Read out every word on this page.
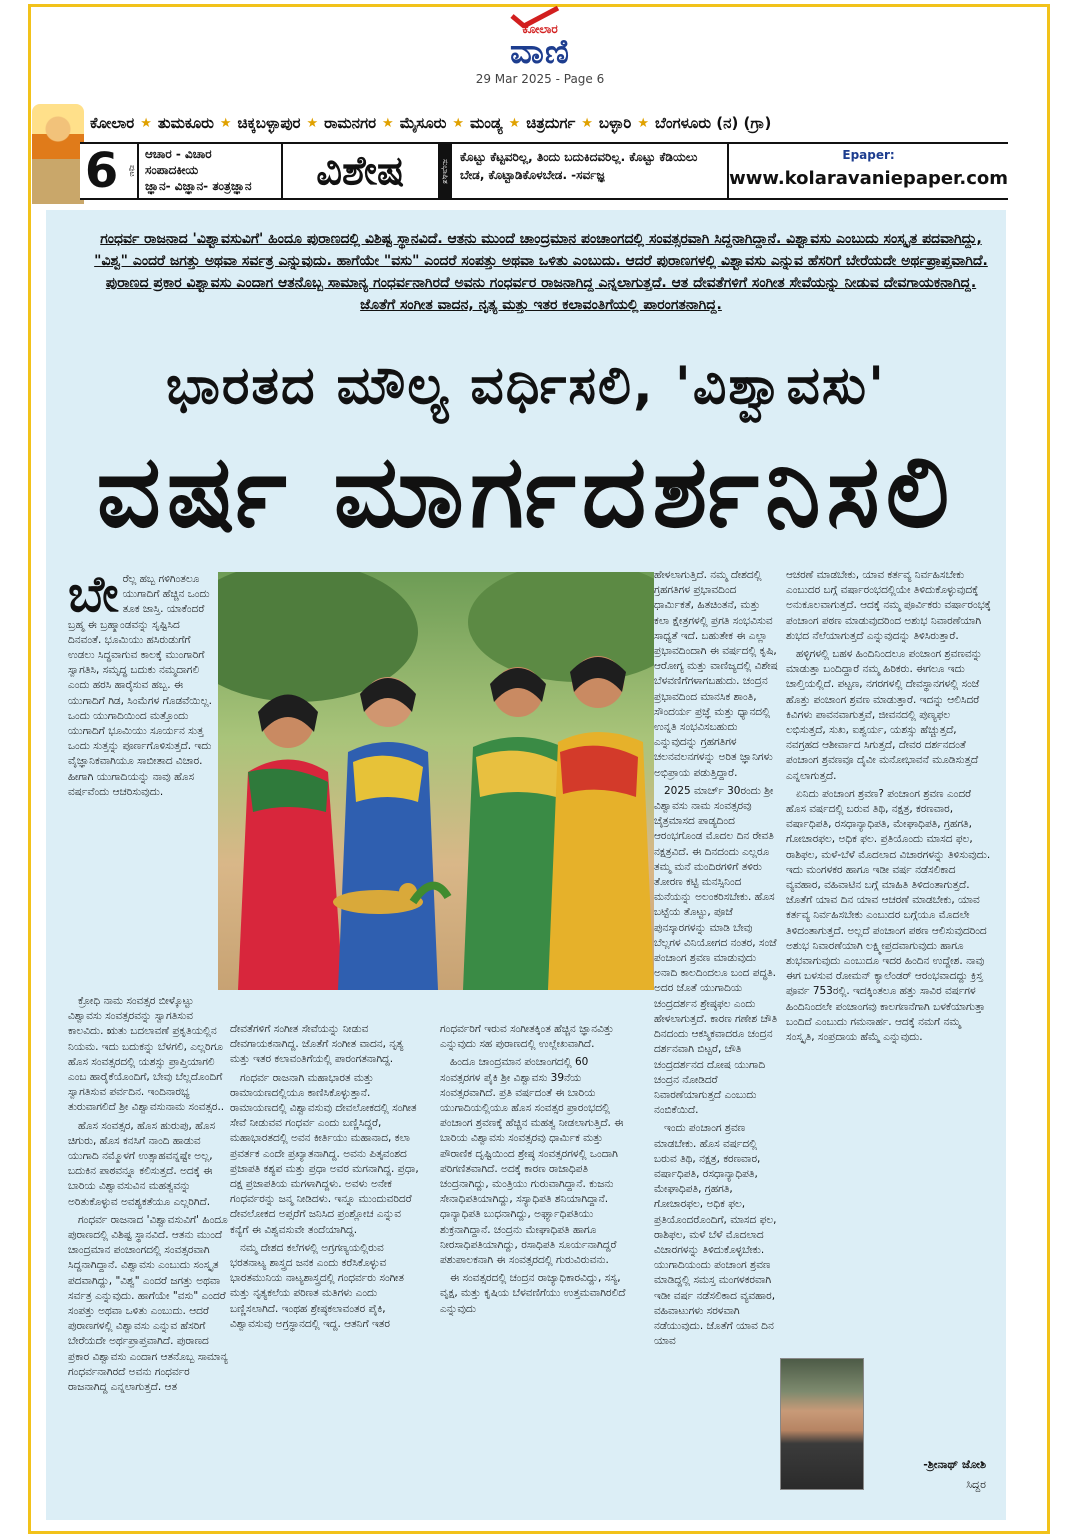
ಕೋಲಾರ
ವಾಣಿ
29 Mar 2025 - Page 6
ಕೋಲಾರ ★ ತುಮಕೂರು ★ ಚಿಕ್ಕಬಳ್ಳಾಪುರ ★ ರಾಮನಗರ ★ ಮೈಸೂರು ★ ಮಂಡ್ಯ ★ ಚಿತ್ರದುರ್ಗ ★ ಬಳ್ಳಾರಿ ★ ಬೆಂಗಳೂರು (ನ) (ಗ್ರಾ)
6	ಪುಟ
ಆಚಾರ - ವಿಚಾರ
ಸಂಪಾದಕೀಯ
ಜ್ಞಾನ- ವಿಜ್ಞಾನ- ತಂತ್ರಜ್ಞಾನ	ವಿಶೇಷ	ಸುಭಾಷಿತ
ಕೊಟ್ಟು ಕೆಟ್ಟವರಿಲ್ಲ, ತಿಂದು ಬದುಕಿದವರಿಲ್ಲ. ಕೊಟ್ಟು ಕೆಡಿಯಲು ಬೇಡ, ಕೊಟ್ಟಾಡಿಕೊಳಬೇಡ. -ಸರ್ವಜ್ಞ
Epaper:
www.kolaravaniepaper.com
ಗಂಧರ್ವ ರಾಜನಾದ 'ವಿಶ್ವಾವಸುವಿಗೆ' ಹಿಂದೂ ಪುರಾಣದಲ್ಲಿ ವಿಶಿಷ್ಟ ಸ್ಥಾನವಿದೆ. ಆತನು ಮುಂದೆ ಚಾಂದ್ರಮಾನ ಪಂಚಾಂಗದಲ್ಲಿ ಸಂವತ್ಸರವಾಗಿ ಸಿದ್ದನಾಗಿದ್ದಾನೆ. ವಿಶ್ವಾವಸು ಎಂಬುದು ಸಂಸ್ಕೃತ ಪದವಾಗಿದ್ದು, "ವಿಶ್ವ" ಎಂದರೆ ಜಗತ್ತು ಅಥವಾ ಸರ್ವತ್ರ ಎನ್ನುವುದು. ಹಾಗೆಯೇ "ವಸು" ಎಂದರೆ ಸಂಪತ್ತು ಅಥವಾ ಒಳಿತು ಎಂಬುದು. ಆದರೆ ಪುರಾಣಗಳಲ್ಲಿ ವಿಶ್ವಾವಸು ಎನ್ನುವ ಹೆಸರಿಗೆ ಬೇರೆಯದೇ ಅರ್ಥಪ್ರಾಪ್ತವಾಗಿದೆ. ಪುರಾಣದ ಪ್ರಕಾರ ವಿಶ್ವಾವಸು ಎಂದಾಗ ಆತನೊಬ್ಬ ಸಾಮಾನ್ಯ ಗಂಧರ್ವನಾಗಿರದೆ ಅವನು ಗಂಧರ್ವರ ರಾಜನಾಗಿದ್ದ ಎನ್ನಲಾಗುತ್ತದೆ. ಆತ ದೇವತೆಗಳಿಗೆ ಸಂಗೀತ ಸೇವೆಯನ್ನು ನೀಡುವ ದೇವಗಾಯಕನಾಗಿದ್ದ. ಜೊತೆಗೆ ಸಂಗೀತ ವಾದನ, ನೃತ್ಯ ಮತ್ತು ಇತರ ಕಲಾವಂತಿಗೆಯಲ್ಲಿ ಪಾರಂಗತನಾಗಿದ್ದ.
ಭಾರತದ ಮೌಲ್ಯ ವರ್ಧಿಸಲಿ, 'ವಿಶ್ವಾವಸು'
ವರ್ಷ ಮಾರ್ಗದರ್ಶನಿಸಲಿ
ಬೇ ರೆಲ್ಲ ಹಬ್ಬ ಗಳಿಗಿಂತಲೂ ಯುಗಾದಿಗೆ ಹೆಚ್ಚಿನ ಒಂದು ತೂಕ ಜಾಸ್ತಿ. ಯಾಕೆಂದರೆ ಬ್ರಹ್ಮ ಈ ಬ್ರಹ್ಮಾಂಡವನ್ನು ಸೃಷ್ಟಿಸಿದ ದಿನವಂತೆ. ಭೂಮಿಯು ಹಸಿರುಡುಗೆಗೆ ಉಡಲು ಸಿದ್ಧವಾಗುವ ಕಾಲಕ್ಕೆ ಮುಂಗಾರಿಗೆ ಸ್ವಾಗತಿಸಿ, ಸಮೃದ್ಧ ಬದುಕು ನಮ್ಮದಾಗಲಿ ಎಂದು ಹರಸಿ ಹಾರೈಸುವ ಹಬ್ಬ. ಈ ಯುಗಾದಿಗೆ ಗಿಡ, ಸಿಂಮೆಗಳ ಗೊಡವೆಯಿಲ್ಲ. ಒಂದು ಯುಗಾದಿಯಿಂದ ಮತ್ತೊಂದು ಯುಗಾದಿಗೆ ಭೂಮಿಯು ಸೂರ್ಯನ ಸುತ್ತ ಒಂದು ಸುತ್ತನ್ನು ಪೂರ್ಣಗೊಳಿಸುತ್ತದೆ. ಇದು ವೈಜ್ಞಾನಿಕವಾಗಿಯೂ ಸಾಬೀತಾದ ವಿಚಾರ. ಹೀಗಾಗಿ ಯುಗಾದಿಯನ್ನು ನಾವು ಹೊಸ ವರ್ಷವೆಂದು ಆಚರಿಸುವುದು.

ಕ್ರೋಧಿ ನಾಮ ಸಂವತ್ಸರ ಬೀಳ್ಕೊಟ್ಟು ವಿಶ್ವಾವಸು ಸಂವತ್ಸರವನ್ನು ಸ್ವಾಗತಿಸುವ ಕಾಲವಿದು. ಋತು ಬದಲಾವಣೆ ಪ್ರಕೃತಿಯಲ್ಲಿನ ನಿಯಮ. ಇದು ಬದುಕನ್ನು ಬೆಳಗಲಿ, ಎಲ್ಲರಿಗೂ ಹೊಸ ಸಂವತ್ಸರದಲ್ಲಿ ಯಶಸ್ಸು ಪ್ರಾಪ್ತಿಯಾಗಲಿ ಎಂಬ ಹಾರೈಕೆಯೊಂದಿಗೆ, ಬೇವು ಬೆಲ್ಲದೊಂದಿಗೆ ಸ್ವಾಗತಿಸುವ ಪರ್ವದಿನ. ಇಂದಿನಾರಭ್ಯ ತುರುವಾಗಲಿದೆ ಶ್ರೀ ವಿಶ್ವಾವಸುನಾಮ ಸಂವತ್ಸರ..

ಹೊಸ ಸಂವತ್ಸರ, ಹೊಸ ಹುರುಪು, ಹೊಸ ಚಿಗುರು, ಹೊಸ ಕನಸಿಗೆ ನಾಂದಿ ಹಾಡುವ ಯುಗಾದಿ ನಮ್ಮೊಳಗೆ ಉತ್ಸಾಹವನ್ನಷ್ಟೇ ಅಲ್ಲ, ಬದುಕಿನ ಪಾಠವನ್ನೂ ಕಲಿಸುತ್ತದೆ. ಅದಕ್ಕೆ ಈ ಬಾರಿಯ ವಿಶ್ವಾವಸುವಿನ ಮಹತ್ವವನ್ನು ಅರಿತುಕೊಳ್ಳುವ ಅವಶ್ಯಕತೆಯೂ ಎಲ್ಲರಿಗಿದೆ.

ಗಂಧರ್ವ ರಾಜನಾದ 'ವಿಶ್ವಾವಸುವಿಗೆ' ಹಿಂದೂ ಪುರಾಣದಲ್ಲಿ ವಿಶಿಷ್ಟ ಸ್ಥಾನವಿದೆ. ಆತನು ಮುಂದೆ ಚಾಂದ್ರಮಾನ ಪಂಚಾಂಗದಲ್ಲಿ ಸಂವತ್ಸರವಾಗಿ ಸಿದ್ದನಾಗಿದ್ದಾನೆ. ವಿಶ್ವಾವಸು ಎಂಬುದು ಸಂಸ್ಕೃತ ಪದವಾಗಿದ್ದು, "ವಿಶ್ವ" ಎಂದರೆ ಜಗತ್ತು ಅಥವಾ ಸರ್ವತ್ರ ಎನ್ನುವುದು. ಹಾಗೆಯೇ "ವಸು" ಎಂದರೆ ಸಂಪತ್ತು ಅಥವಾ ಒಳಿತು ಎಂಬುದು. ಆದರೆ ಪುರಾಣಗಳಲ್ಲಿ ವಿಶ್ವಾವಸು ಎನ್ನುವ ಹೆಸರಿಗೆ ಬೇರೆಯದೇ ಅರ್ಥಪ್ರಾಪ್ತವಾಗಿದೆ. ಪುರಾಣದ ಪ್ರಕಾರ ವಿಶ್ವಾವಸು ಎಂದಾಗ ಆತನೊಬ್ಬ ಸಾಮಾನ್ಯ ಗಂಧರ್ವನಾಗಿರದೆ ಅವನು ಗಂಧರ್ವರ ರಾಜನಾಗಿದ್ದ ಎನ್ನಲಾಗುತ್ತದೆ. ಆತ

ದೇವತೆಗಳಿಗೆ ಸಂಗೀತ ಸೇವೆಯನ್ನು ನೀಡುವ ದೇವಗಾಯಕನಾಗಿದ್ದ. ಜೊತೆಗೆ ಸಂಗೀತ ವಾದನ, ನೃತ್ಯ ಮತ್ತು ಇತರ ಕಲಾವಂತಿಗೆಯಲ್ಲಿ ಪಾರಂಗತನಾಗಿದ್ದ.

ಗಂಧರ್ವ ರಾಜನಾಗಿ ಮಹಾಭಾರತ ಮತ್ತು ರಾಮಾಯಣದಲ್ಲಿಯೂ ಕಾಣಿಸಿಕೊಳ್ಳುತ್ತಾನೆ. ರಾಮಾಯಣದಲ್ಲಿ ವಿಶ್ವಾವಸುವು ದೇವಲೋಕದಲ್ಲಿ ಸಂಗೀತ ಸೇವೆ ನೀಡುವವ ಗಂಧರ್ವ ಎಂದು ಬಣ್ಣಿಸಿದ್ದರೆ, ಮಹಾಭಾರತದಲ್ಲಿ ಅವನ ಕೀರ್ತಿಯು ಮಹಾನಾದ, ಕಲಾ ಪ್ರವರ್ತಕ ಎಂದೇ ಪ್ರಖ್ಯಾತನಾಗಿದ್ದ. ಅವನು ಪಿತೃವಂಶದ ಪ್ರಜಾಪತಿ ಕಶ್ಯಪ ಮತ್ತು ಪ್ರಧಾ ಅವರ ಮಗನಾಗಿದ್ದ. ಪ್ರಧಾ, ದಕ್ಷ ಪ್ರಜಾಪತಿಯ ಮಗಳಾಗಿದ್ದಳು. ಅವಳು ಅನೇಕ ಗಂಧರ್ವರನ್ನು ಜನ್ಮ ನೀಡಿದಳು. ಇನ್ನೂ ಮುಂದುವರಿದರೆ ದೇವಲೋಕದ ಅಪ್ಸರೆಗೆ ಜನಿಸಿದ ಪ್ರಂಶ್ಲೋಚ ಎನ್ನುವ ಕನ್ಯೆಗೆ ಈ ವಿಶ್ವವಸುವೇ ತಂದೆಯಾಗಿದ್ದ.

ನಮ್ಮ ದೇಶದ ಕಲೆಗಳಲ್ಲಿ ಅಗ್ರಗಣ್ಯಯಲ್ಲಿರುವ ಭರತನಾಟ್ಯ ಶಾಸ್ತ್ರದ ಜನಕ ಎಂದು ಕರೆಸಿಕೊಳ್ಳುವ ಭಾರತಮುನಿಯ ನಾಟ್ಯಶಾಸ್ತ್ರದಲ್ಲಿ ಗಂಧರ್ವರು ಸಂಗೀತ ಮತ್ತು ನೃತ್ಯಕಲೆಯ ಪರಿಣತ ಮತಿಗಳು ಎಂದು ಬಣ್ಣಿಸಲಾಗಿದೆ. ಇಂಥಹ ಶ್ರೇಷ್ಠಕಲಾವಂತರ ಪೈಕಿ, ವಿಶ್ವಾವಸುವು ಅಗ್ರಸ್ಥಾನದಲ್ಲಿ ಇದ್ದ. ಆತನಿಗೆ ಇತರ

ಗಂಧರ್ವರಿಗೆ ಇರುವ ಸಂಗೀತಕ್ಕಿಂತ ಹೆಚ್ಚಿನ ಜ್ಞಾನವಿತ್ತು ಎನ್ನುವುದು ಸಹ ಪುರಾಣದಲ್ಲಿ ಉಲ್ಲೇಖವಾಗಿದೆ.

ಹಿಂದೂ ಚಾಂದ್ರಮಾನ ಪಂಚಾಂಗದಲ್ಲಿ 60 ಸಂವತ್ಸರಗಳ ಪೈಕಿ ಶ್ರೀ ವಿಶ್ವಾವಸು 39ನೆಯ ಸಂವತ್ಸರವಾಗಿದೆ. ಪ್ರತಿ ವರ್ಷದಂತೆ ಈ ಬಾರಿಯ ಯುಗಾದಿಯಲ್ಲಿಯೂ ಹೊಸ ಸಂವತ್ಸರ ಪ್ರಾರಂಭದಲ್ಲಿ ಪಂಚಾಂಗ ಶ್ರವಣಕ್ಕೆ ಹೆಚ್ಚಿನ ಮಹತ್ವ ನೀಡಲಾಗುತ್ತಿದೆ. ಈ ಬಾರಿಯ ವಿಶ್ವಾವಸು ಸಂವತ್ಸರವು ಧಾರ್ಮಿಕ ಮತ್ತು ಪೌರಾಣಿಕ ದೃಷ್ಟಿಯಿಂದ ಶ್ರೇಷ್ಠ ಸಂವತ್ಸರಗಳಲ್ಲಿ ಒಂದಾಗಿ ಪರಿಗಣಿತವಾಗಿದೆ. ಅದಕ್ಕೆ ಕಾರಣ ರಾಜಾಧಿಪತಿ ಚಂದ್ರನಾಗಿದ್ದು, ಮಂತ್ರಿಯು ಗುರುವಾಗಿದ್ದಾನೆ. ಕುಜನು ಸೇನಾಧಿಪತಿಯಾಗಿದ್ದು, ಸಸ್ಯಾಧಿಪತಿ ಶನಿಯಾಗಿದ್ದಾನೆ. ಧಾನ್ಯಾಧಿಪತಿ ಬುಧನಾಗಿದ್ದು, ಅರ್ಘ್ಯಾಧಿಪತಿಯು ಶುಕ್ರನಾಗಿದ್ದಾನೆ. ಚಂದ್ರನು ಮೇಘಾಧಿಪತಿ ಹಾಗೂ ನೀರಸಾಧಿಪತಿಯಾಗಿದ್ದು, ರಸಾಧಿಪತಿ ಸೂರ್ಯನಾಗಿದ್ದರೆ ಪಶುಪಾಲಕನಾಗಿ ಈ ಸಂವತ್ಸರದಲ್ಲಿ ಗುರುವಿರುವನು.

ಈ ಸಂವತ್ಸರದಲ್ಲಿ ಚಂದ್ರನ ರಾಜ್ಯಾಧಿಕಾರವಿದ್ದು, ಸಸ್ಯ, ವೃಕ್ಷ, ಮತ್ತು ಕೃಷಿಯ ಬೆಳವಣಿಗೆಯು ಉತ್ತಮವಾಗಿರಲಿದೆ ಎನ್ನುವುದು

ಹೇಳಲಾಗುತ್ತಿದೆ. ನಮ್ಮ ದೇಶದಲ್ಲಿ ಗ್ರಹಗತಿಗಳ ಪ್ರಭಾವದಿಂದ ಧಾರ್ಮಿಕತೆ, ಹಿತಚಿಂತನೆ, ಮತ್ತು ಕಲಾ ಕ್ಷೇತ್ರಗಳಲ್ಲಿ ಪ್ರಗತಿ ಸಂಭವಿಸುವ ಸಾಧ್ಯತೆ ಇದೆ. ಬಹುತೇಕ ಈ ಎಲ್ಲಾ ಪ್ರಭಾವದಿಂದಾಗಿ ಈ ವರ್ಷದಲ್ಲಿ ಕೃಷಿ, ಆರೋಗ್ಯ ಮತ್ತು ವಾಣಿಜ್ಯದಲ್ಲಿ ವಿಶೇಷ ಬೆಳವಣಿಗೆಗಳಾಗಬಹುದು. ಚಂದ್ರನ ಪ್ರಭಾವದಿಂದ ಮಾನಸಿಕ ಶಾಂತಿ, ಸೌಂದರ್ಯ ಪ್ರಜ್ಞೆ ಮತ್ತು ಧ್ಯಾನದಲ್ಲಿ ಉನ್ನತಿ ಸಂಭವಿಸಬಹುದು ಎನ್ನುವುದನ್ನು ಗ್ರಹಗತಿಗಳ ಚಲನವಲನಗಳನ್ನು ಅರಿತ ಜ್ಞಾನಿಗಳು ಅಭಿಪ್ರಾಯ ಪಡುತ್ತಿದ್ದಾರೆ.

2025 ಮಾರ್ಚ್ 30ರಂದು ಶ್ರೀ ವಿಶ್ವಾವಸು ನಾಮ ಸಂವತ್ಸರವು ಚೈತ್ರಮಾಸದ ಪಾಡ್ಯದಿಂದ ಆರಂಭಗೊಂಡ ಮೊದಲ ದಿನ ರೇವತಿ ನಕ್ಷತ್ರವಿದೆ. ಈ ದಿನದಂದು ಎಲ್ಲರೂ ತಮ್ಮ ಮನೆ ಮಂದಿರಗಳಿಗೆ ತಳಿರು ತೋರಣ ಕಟ್ಟಿ ಮನಸ್ಸಿನಿಂದ ಮನೆಯನ್ನು ಅಲಂಕರಿಸಬೇಕು. ಹೊಸ ಬಟ್ಟೆಯ ತೊಟ್ಟು, ಪೂಜೆ ಪುನಸ್ಕಾರಗಳನ್ನು ಮಾಡಿ ಬೇವು ಬೆಲ್ಲಗಳ ವಿನಿಯೋಗದ ನಂತರ, ಸಂಜೆ ಪಂಚಾಂಗ ಶ್ರವಣ ಮಾಡುವುದು ಅನಾದಿ ಕಾಲದಿಂದಲೂ ಬಂದ ಪದ್ಧತಿ. ಅದರ ಜೊತೆ ಯುಗಾದಿಯ ಚಂದ್ರದರ್ಶನ ಶ್ರೇಷ್ಠಫಲ ಎಂದು ಹೇಳಲಾಗುತ್ತದೆ. ಕಾರಣ ಗಣೇಶ ಚೌತಿ ದಿನದಂದು ಆಕಸ್ಮಿಕವಾದರೂ ಚಂದ್ರನ ದರ್ಶನವಾಗಿ ಬಿಟ್ಟರೆ, ಚೌತಿ ಚಂದ್ರದರ್ಶನದ ದೋಷ ಯುಗಾದಿ ಚಂದ್ರನ ನೋಡಿದರೆ ನಿವಾರಣೆಯಾಗುತ್ತದೆ ಎಂಬುದು ನಂಬಿಕೆಯಿದೆ.

ಇಂದು ಪಂಚಾಂಗ ಶ್ರವಣ ಮಾಡಬೇಕು. ಹೊಸ ವರ್ಷದಲ್ಲಿ ಬರುವ ತಿಥಿ, ನಕ್ಷತ್ರ, ಕರಣವಾರ, ವರ್ಷಾಧಿಪತಿ, ರಸಧಾನ್ಯಾಧಿಪತಿ, ಮೇಘಾಧಿಪತಿ, ಗ್ರಹಗತಿ, ಗೋಚಾರಫಲ, ಅಧಿಕ ಫಲ, ಪ್ರತಿಯೊಂದರೊಂದಿಗೆ, ಮಾಸದ ಫಲ, ರಾಶಿಫಲ, ಮಳೆ ಬೆಳೆ ಮೊದಲಾದ ವಿಚಾರಗಳನ್ನು ತಿಳಿದುಕೊಳ್ಳಬೇಕು. ಯುಗಾದಿಯಂದು ಪಂಚಾಂಗ ಶ್ರವಣ ಮಾಡಿದ್ದಲ್ಲಿ ಸಮಸ್ತ ಮಂಗಳಕರವಾಗಿ ಇಡೀ ವರ್ಷ ನಡೆಸಲಿಕಾದ ವ್ಯವಹಾರ, ವಹಿವಾಟುಗಳು ಸರಳವಾಗಿ ನಡೆಯುವುದು. ಜೊತೆಗೆ ಯಾವ ದಿನ ಯಾವ

ಆಚರಣೆ ಮಾಡಬೇಕು, ಯಾವ ಕರ್ತವ್ಯ ನಿರ್ವಹಿಸಬೇಕು ಎಂಬುದರ ಬಗ್ಗೆ ವರ್ಷಾರಂಭದಲ್ಲಿಯೇ ತಿಳಿದುಕೊಳ್ಳುವುದಕ್ಕೆ ಅನುಕೂಲವಾಗುತ್ತದೆ. ಆದಕ್ಕೆ ನಮ್ಮ ಪೂರ್ವಿಕರು ವರ್ಷಾರಂಭಕ್ಕೆ ಪಂಚಾಂಗ ಪಠಣ ಮಾಡುವುದರಿಂದ ಅಶುಭ ನಿವಾರಣೆಯಾಗಿ ಶುಭದ ನೆಲೆಯಾಗುತ್ತದೆ ಎನ್ನುವುದನ್ನು ತಿಳಿಸಿರುತ್ತಾರೆ.

ಹಳ್ಳಿಗಳಲ್ಲಿ ಬಹಳ ಹಿಂದಿನಿಂದಲೂ ಪಂಚಾಂಗ ಶ್ರವಣವನ್ನು ಮಾಡುತ್ತಾ ಬಂದಿದ್ದಾರೆ ನಮ್ಮ ಹಿರಿಕರು. ಈಗಲೂ ಇದು ಚಾಲ್ತಿಯಲ್ಲಿದೆ. ಪಟ್ಟಣ, ನಗರಗಳಲ್ಲಿ ದೇವಸ್ಥಾನಗಳಲ್ಲಿ ಸಂಜೆ ಹೊತ್ತು ಪಂಚಾಂಗ ಶ್ರವಣ ಮಾಡುತ್ತಾರೆ. ಇದನ್ನು ಆಲಿಸಿದರೆ ಕಿವಿಗಳು ಪಾವನವಾಗುತ್ತವೆ, ಜೀವನದಲ್ಲಿ ಪುಣ್ಯಫಲ ಲಭಿಸುತ್ತದೆ, ಸುಖ, ಐಶ್ವರ್ಯ, ಯಶಸ್ಸು ಹೆಚ್ಚುತ್ತದೆ, ನವಗ್ರಹದ ಆಶೀರ್ವಾದ ಸಿಗುತ್ತದೆ, ದೇವರ ದರ್ಶನದಂತೆ ಪಂಚಾಂಗ ಶ್ರವಣವೂ ದೈವೀ ಮನೋಭಾವನೆ ಮೂಡಿಸುತ್ತದೆ ಎನ್ನಲಾಗುತ್ತದೆ.

ಏನಿದು ಪಂಚಾಂಗ ಶ್ರವಣ? ಪಂಚಾಂಗ ಶ್ರವಣ ಎಂದರೆ ಹೊಸ ವರ್ಷದಲ್ಲಿ ಬರುವ ತಿಥಿ, ನಕ್ಷತ್ರ, ಕರಣವಾರ, ವರ್ಷಾಧಿಪತಿ, ರಸಧಾನ್ಯಾಧಿಪತಿ, ಮೇಘಾಧಿಪತಿ, ಗ್ರಹಗತಿ, ಗೋಚಾರಫಲ, ಅಧಿಕ ಫಲ. ಪ್ರತಿಯೊಂದು ಮಾಸದ ಫಲ, ರಾಶಿಫಲ, ಮಳೆ-ಬೆಳೆ ಮೊದಲಾದ ವಿಚಾರಗಳನ್ನು ತಿಳಿಸುವುದು. ಇದು ಮಂಗಳಕರ ಹಾಗೂ ಇಡೀ ವರ್ಷ ನಡೆಸಲಿಕಾದ ವ್ಯವಹಾರ, ವಹಿವಾಟಿನ ಬಗ್ಗೆ ಮಾಹಿತಿ ತಿಳಿದಂತಾಗುತ್ತದೆ. ಜೊತೆಗೆ ಯಾವ ದಿನ ಯಾವ ಆಚರಣೆ ಮಾಡಬೇಕು, ಯಾವ ಕರ್ತವ್ಯ ನಿರ್ವಹಿಸಬೇಕು ಎಂಬುದರ ಬಗ್ಗೆಯೂ ಮೊದಲೇ ತಿಳಿದಂತಾಗುತ್ತದೆ. ಅಲ್ಲದೆ ಪಂಚಾಂಗ ಪಠಣ ಆಲಿಸುವುದರಿಂದ ಅಶುಭ ನಿವಾರಣೆಯಾಗಿ ಲಕ್ಷ್ಮೀಪ್ರದವಾಗುವುದು ಹಾಗೂ ಶುಭವಾಗುವುದು ಎಂಬುದೂ ಇದರ ಹಿಂದಿನ ಉದ್ದೇಶ. ನಾವು ಈಗ ಬಳಸುವ ರೋಮನ್ ಕ್ಯಾಲೆಂಡರ್ ಆರಂಭವಾದದ್ದು ಕ್ರಿಸ್ತ ಪೂರ್ವ 753ರಲ್ಲಿ. ಇದಕ್ಕಿಂತಲೂ ಹತ್ತು ಸಾವಿರ ವರ್ಷಗಳ ಹಿಂದಿನಿಂದಲೇ ಪಂಚಾಂಗವು ಕಾಲಗಣನೆಗಾಗಿ ಬಳಕೆಯಾಗುತ್ತಾ ಬಂದಿದೆ ಎಂಬುದು ಗಮನಾರ್ಹ. ಆದಕ್ಕೆ ನಮಗೆ ನಮ್ಮ ಸಂಸ್ಕೃತಿ, ಸಂಪ್ರದಾಯ ಹೆಮ್ಮೆ ಎನ್ನುವುದು.

-ಶ್ರೀನಾಥ್ ಜೋಶಿ
ಸಿದ್ದರ
